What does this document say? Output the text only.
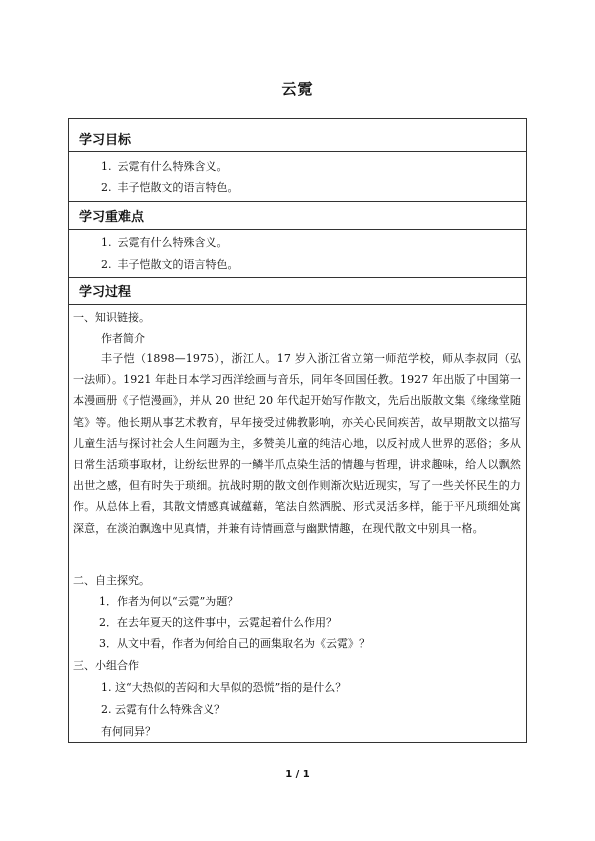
云霓
学习目标
1. 云霓有什么特殊含义。
2. 丰子恺散文的语言特色。
学习重难点
1. 云霓有什么特殊含义。
2. 丰子恺散文的语言特色。
学习过程
一、知识链接。
作者简介

丰子恺（1898—1975），浙江人。17 岁入浙江省立第一师范学校，师从李叔同（弘一法师）。1921 年赴日本学习西洋绘画与音乐，同年冬回国任教。1927 年出版了中国第一本漫画册《子恺漫画》，并从 20 世纪 20 年代起开始写作散文，先后出版散文集《缘缘堂随笔》等。他长期从事艺术教育，早年接受过佛教影响，亦关心民间疾苦，故早期散文以描写儿童生活与探讨社会人生问题为主，多赞美儿童的纯洁心地，以反衬成人世界的恶俗；多从日常生活琐事取材，让纷纭世界的一鳞半爪点染生活的情趣与哲理，讲求趣味，给人以飘然出世之感，但有时失于琐细。抗战时期的散文创作则渐次贴近现实，写了一些关怀民生的力作。从总体上看，其散文情感真诚蕴藉，笔法自然洒脱、形式灵活多样，能于平凡琐细处寓深意，在淡泊飘逸中见真情，并兼有诗情画意与幽默情趣，在现代散文中别具一格。

二、自主探究。
1．作者为何以“云霓”为题？
2．在去年夏天的这件事中，云霓起着什么作用？
3．从文中看，作者为何给自己的画集取名为《云霓》？
三、小组合作
1. 这“大热似的苦闷和大旱似的恐慌”指的是什么？
2. 云霓有什么特殊含义？
有何同异？
1 / 1
